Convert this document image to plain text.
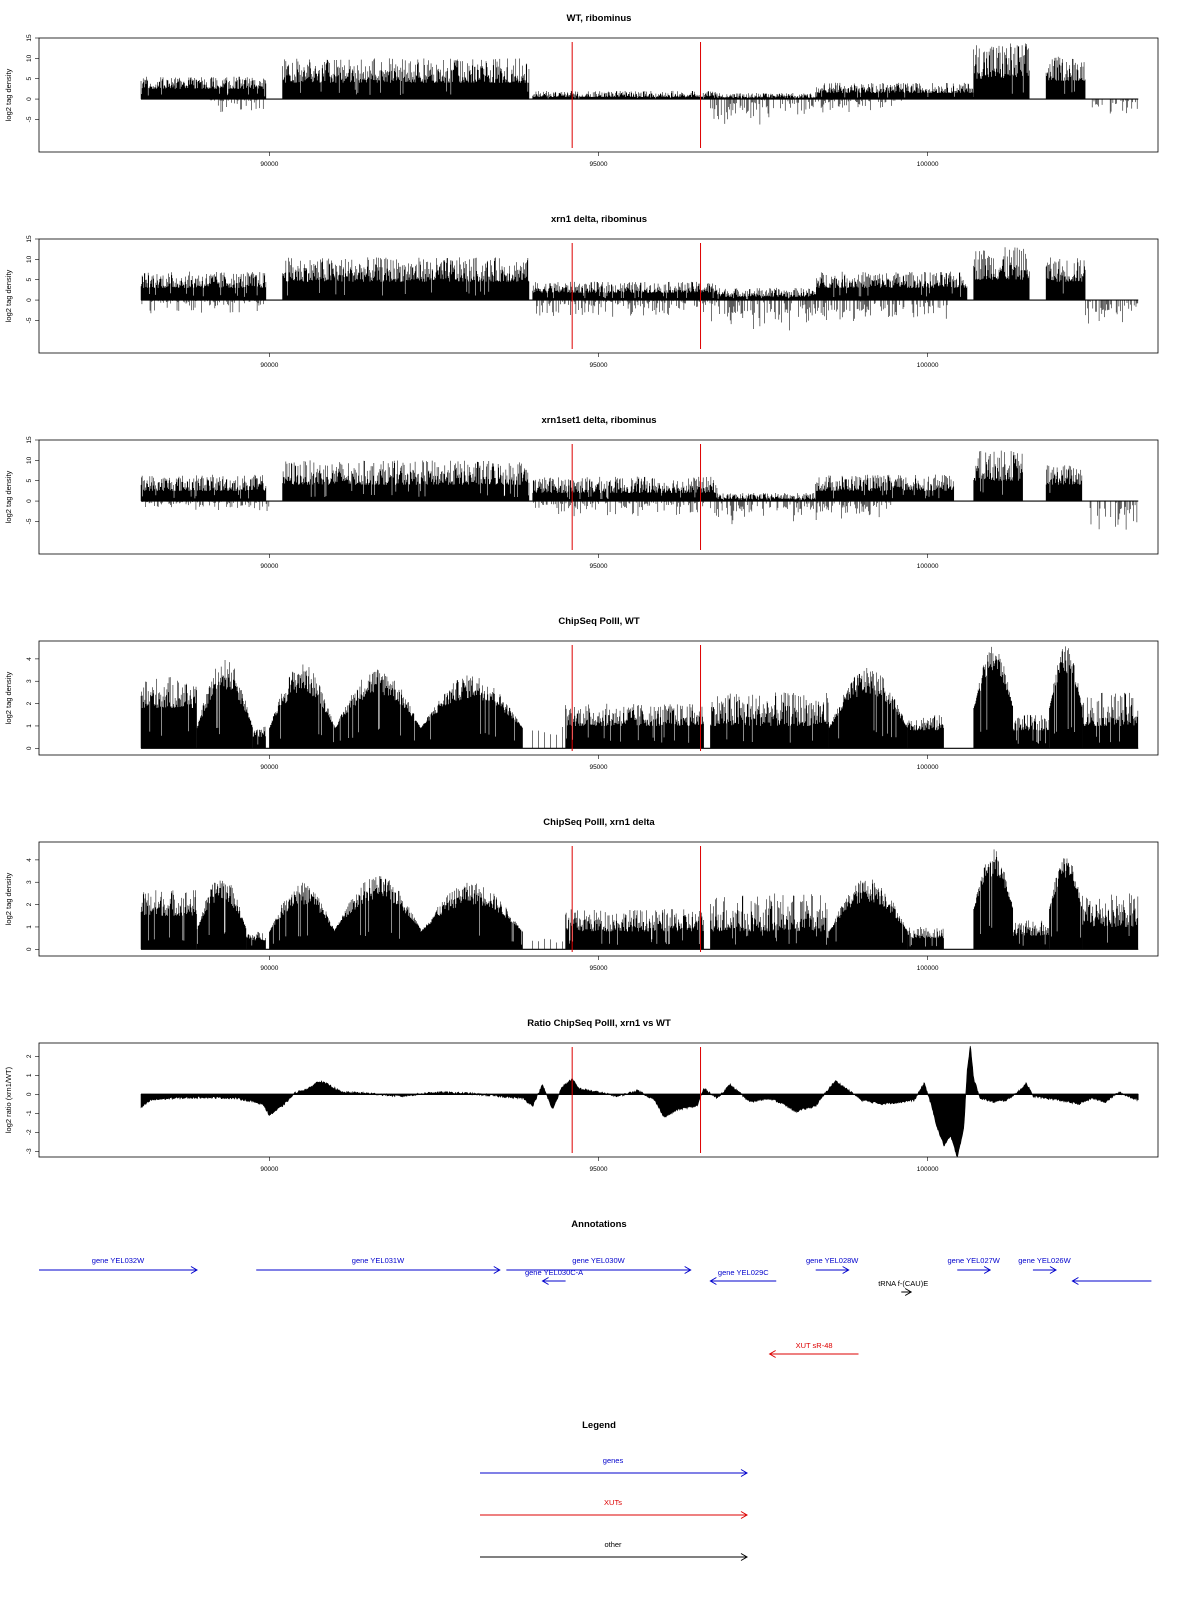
WT, ribominus
log2 tag density -5
0
5
10
15
90000	95000	100000
xrn1 delta, ribominus
log2 tag density -5
0
5
10
15
90000	95000	100000
xrn1set1 delta, ribominus
log2 tag density -5
0
5
10
15
90000	95000	100000
ChipSeq PolII, WT
log2 tag density
0
1
2
3
4
90000	95000	100000
ChipSeq PolII, xrn1 delta
log2 tag density
0
1
2
3
4
90000	95000	100000
Ratio ChipSeq PolII, xrn1 vs WT
log2 ratio (xrn1/WT)
-3
-2
-1
0
1
2
90000	95000	100000
Annotations
gene YEL032W	gene YEL031W	gene YEL030W
gene YEL030C-A	gene YEL029C
gene YEL028W	gene YEL027W gene YEL026W
tRNA f-(CAU)E
XUT sR-48
Legend
genes
XUTs
other
